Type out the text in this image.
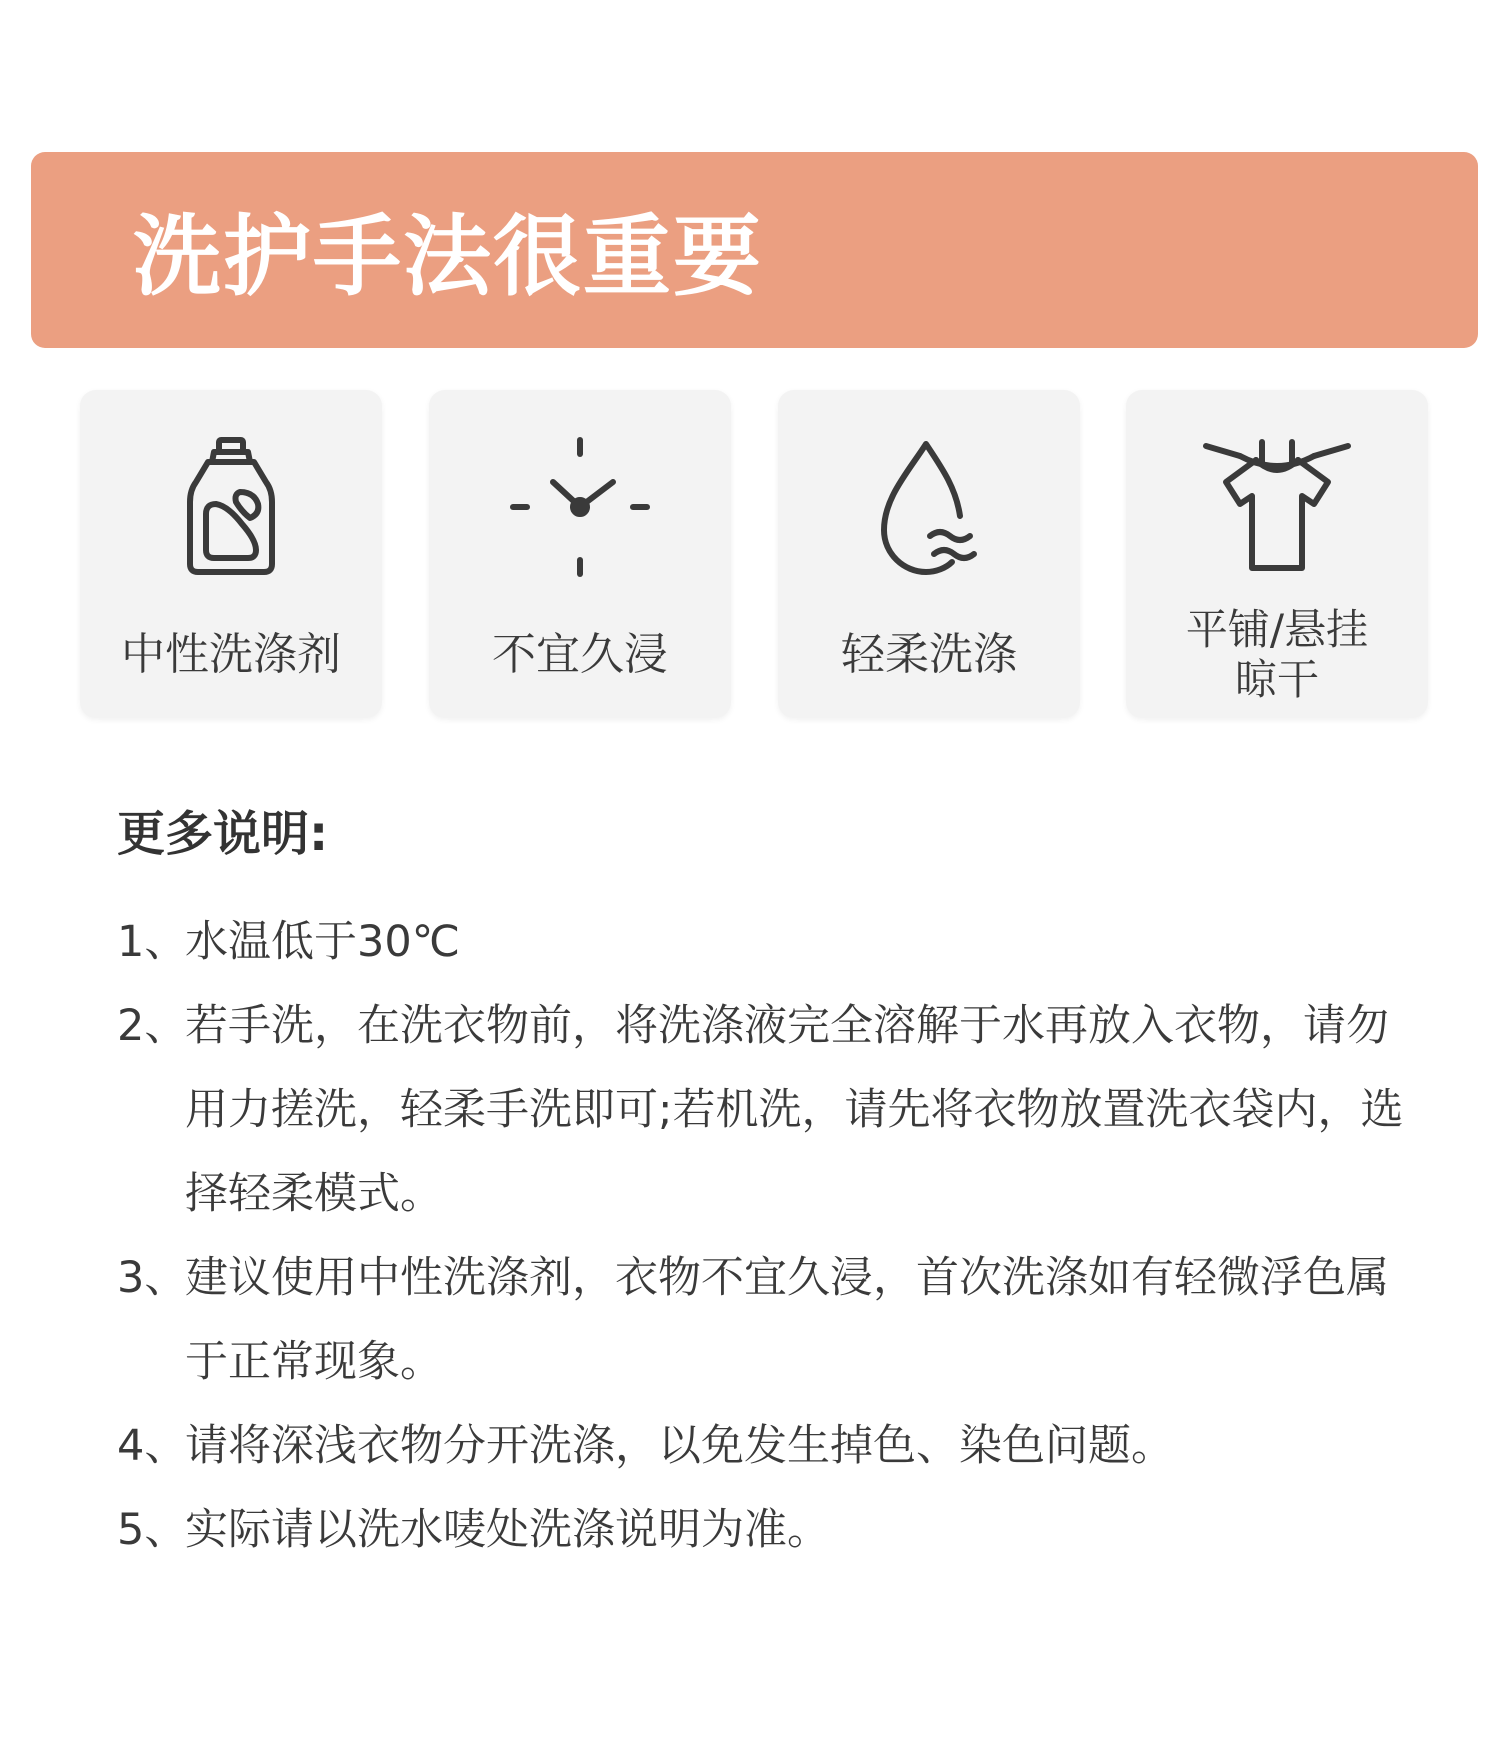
洗护手法很重要
中性洗涤剂	不宜久浸	轻柔洗涤	平铺/悬挂
晾干
更多说明:
1、
水温低于30℃
2、
若手洗，在洗衣物前，将洗涤液完全溶解于水再放入衣物，请勿用力搓洗，轻柔手洗即可;若机洗，请先将衣物放置洗衣袋内，选择轻柔模式。
3、
建议使用中性洗涤剂，衣物不宜久浸，首次洗涤如有轻微浮色属于正常现象。
4、
请将深浅衣物分开洗涤，以免发生掉色、染色问题。
5、
实际请以洗水唛处洗涤说明为准。
